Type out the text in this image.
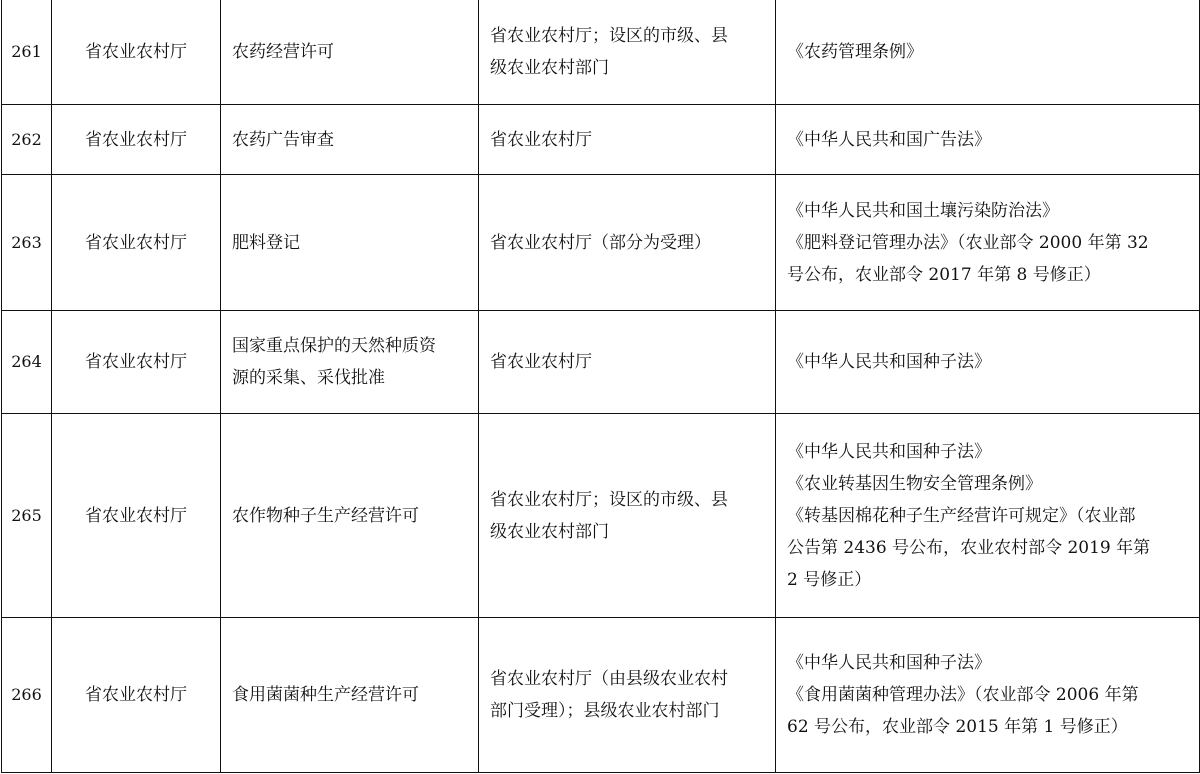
261	省农业农村厅	农药经营许可	省农业农村厅；设区的市级、县
级农业农村部门	《农药管理条例》

262	省农业农村厅	农药广告审查	省农业农村厅	《中华人民共和国广告法》

263	省农业农村厅	肥料登记	省农业农村厅（部分为受理）	《中华人民共和国土壤污染防治法》
《肥料登记管理办法》（农业部令 2000 年第 32
号公布，农业部令 2017 年第 8 号修正）

264	省农业农村厅	国家重点保护的天然种质资
源的采集、采伐批准	省农业农村厅	《中华人民共和国种子法》

265	省农业农村厅	农作物种子生产经营许可	省农业农村厅；设区的市级、县
级农业农村部门	《中华人民共和国种子法》
《农业转基因生物安全管理条例》
《转基因棉花种子生产经营许可规定》（农业部
公告第 2436 号公布，农业农村部令 2019 年第
2 号修正）

266	省农业农村厅	食用菌菌种生产经营许可	省农业农村厅（由县级农业农村
部门受理）；县级农业农村部门	《中华人民共和国种子法》
《食用菌菌种管理办法》（农业部令 2006 年第
62 号公布，农业部令 2015 年第 1 号修正）
